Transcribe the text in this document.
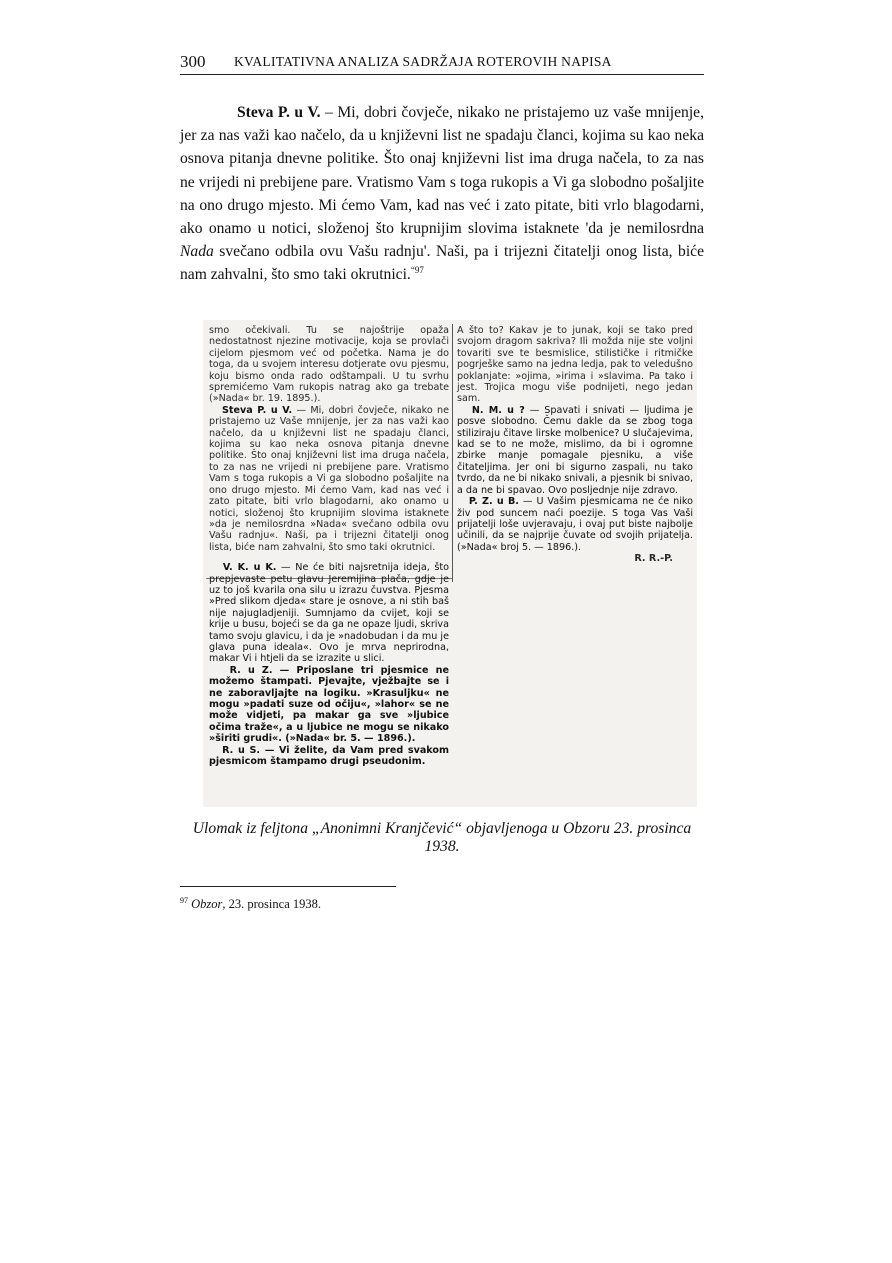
300 KVALITATIVNA ANALIZA SADRŽAJA ROTEROVIH NAPISA

Steva P. u V. – Mi, dobri čovječe, nikako ne pristajemo uz vaše mnijenje, jer za nas važi kao načelo, da u književni list ne spadaju članci, kojima su kao neka osnova pitanja dnevne politike. Što onaj književni list ima druga načela, to za nas ne vrijedi ni prebijene pare. Vratismo Vam s toga rukopis a Vi ga slobodno pošaljite na ono drugo mjesto. Mi ćemo Vam, kad nas već i zato pitate, biti vrlo blagodarni, ako onamo u notici, složenoj što krupnijim slovima istaknete 'da je nemilosrdna Nada svečano odbila ovu Vašu radnju'. Naši, pa i trijezni čitatelji onog lista, biće nam zahvalni, što smo taki okrutnici.$^{“97}$

smo očekivali. Tu se najoštrije opaža nedostatnost njezine motivacije, koja se provlači cijelom pjesmom već od početka. Nama je do toga, da u svojem interesu dotjerate ovu pjesmu, koju bismo onda rado odštampali. U tu svrhu spremićemo Vam rukopis natrag ako ga trebate (»Nada« br. 19. 1895.).

Steva P. u V. — Mi, dobri čovječe, nikako ne pristajemo uz Vaše mnijenje, jer za nas važi kao načelo, da u književni list ne spadaju članci, kojima su kao neka osnova pitanja dnevne politike. Što onaj književni list ima druga načela, to za nas ne vrijedi ni prebijene pare. Vratismo Vam s toga rukopis a Vi ga slobodno pošaljite na ono drugo mjesto. Mi ćemo Vam, kad nas već i zato pitate, biti vrlo blagodarni, ako onamo u notici, složenoj što krupnijim slovima istaknete »da je nemilosrdna »Nada« svečano odbila ovu Vašu radnju«. Naši, pa i trijezni čitatelji onog lista, biće nam zahvalni, što smo taki okrutnici.

V. K. u K. — Ne će biti najsretnija ideja, što prepjevaste petu glavu Jeremijina plača, gdje je uz to još kvarila ona silu u izrazu čuvstva. Pjesma »Pred slikom djeda« stare je osnove, a ni stih baš nije najugladjeniji. Sumnjamo da cvijet, koji se krije u busu, bojeći se da ga ne opaze ljudi, skriva tamo svoju glavicu, i da je »nadobudan i da mu je glava puna ideala«. Ovo je mrva neprirodna, makar Vi i htjeli da se izrazite u slici.

R. u Z. — Priposlane tri pjesmice ne možemo štampati. Pjevajte, vježbajte se i ne zaboravljajte na logiku. »Krasuljku« ne mogu »padati suze od očiju«, »lahor« se ne može vidjeti, pa makar ga sve »ljubice očima traže«, a u ljubice ne mogu se nikako »širiti grudi«. (»Nada« br. 5. — 1896.).

R. u S. — Vi želite, da Vam pred svakom pjesmicom štampamo drugi pseudonim.

A što to? Kakav je to junak, koji se tako pred svojom dragom sakriva? Ili možda nije ste voljni tovariti sve te besmislice, stilističke i ritmičke pogrješke samo na jedna ledja, pak to veledušno poklanjate: »ojima, »irima i »slavima. Pa tako i jest. Trojica mogu više podnijeti, nego jedan sam.

N. M. u ? — Spavati i snivati — ljudima je posve slobodno. Čemu dakle da se zbog toga stiliziraju čitave lirske molbenice? U slučajevima, kad se to ne može, mislimo, da bi i ogromne zbirke manje pomagale pjesniku, a više čitateljima. Jer oni bi sigurno zaspali, nu tako tvrdo, da ne bi nikako snivali, a pjesnik bi snivao, a da ne bi spavao. Ovo posljednje nije zdravo.

P. Z. u B. — U Vašim pjesmicama ne će niko živ pod suncem naći poezije. S toga Vas Vaši prijatelji loše uvjeravaju, i ovaj put biste najbolje učinili, da se najprije čuvate od svojih prijatelja. (»Nada« broj 5. — 1896.).

R. R.-P.

Ulomak iz feljtona „Anonimni Kranjčević“ objavljenoga u Obzoru 23. prosinca 1938.
$^{97}$ Obzor, 23. prosinca 1938.
